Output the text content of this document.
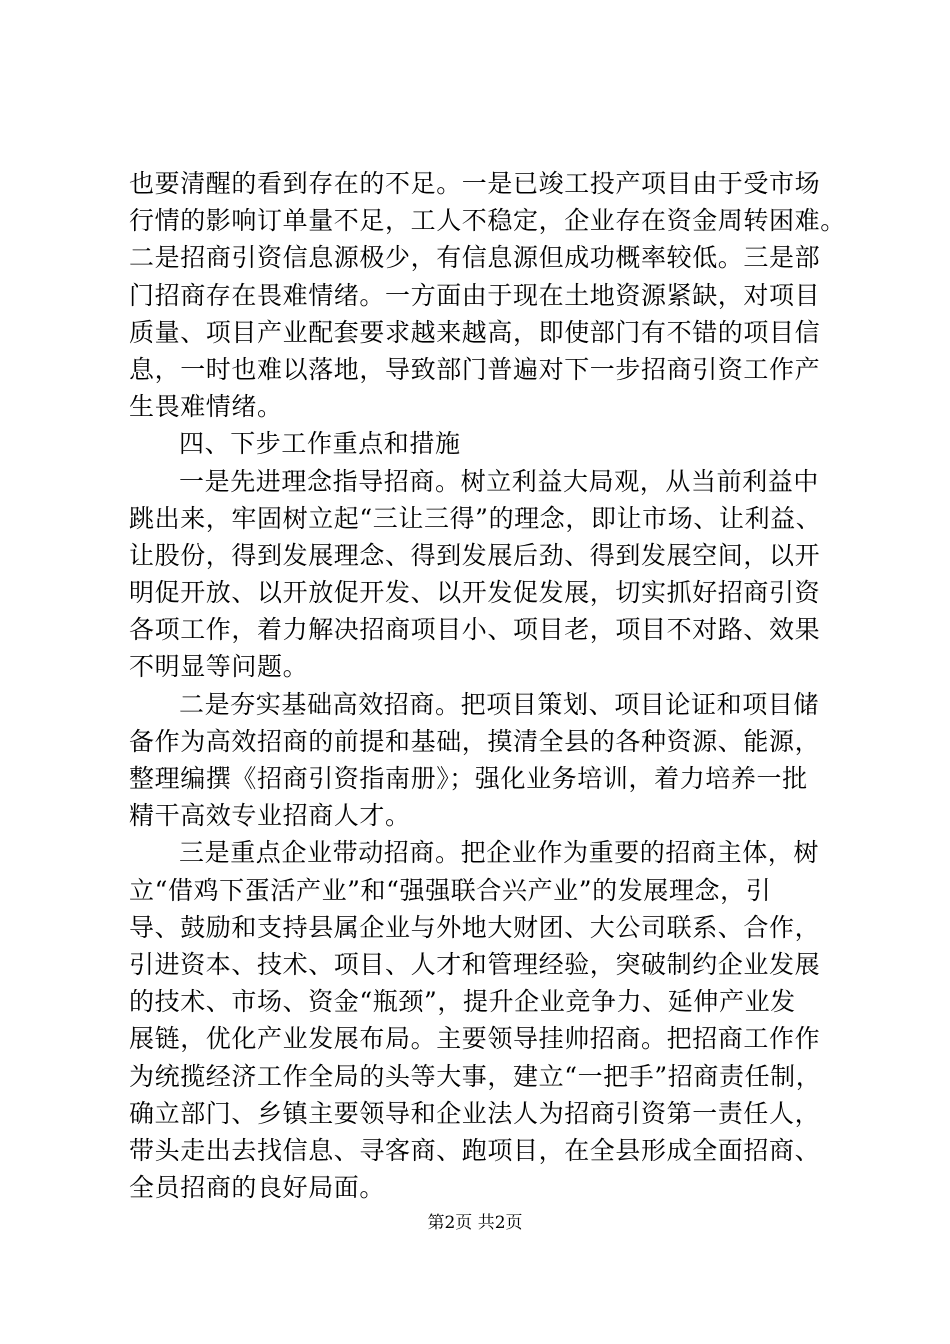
也要清醒的看到存在的不足。一是已竣工投产项目由于受市场
行情的影响订单量不足，工人不稳定，企业存在资金周转困难。
二是招商引资信息源极少，有信息源但成功概率较低。三是部
门招商存在畏难情绪。一方面由于现在土地资源紧缺，对项目
质量、项目产业配套要求越来越高，即使部门有不错的项目信
息，一时也难以落地，导致部门普遍对下一步招商引资工作产
生畏难情绪。
四、下步工作重点和措施
一是先进理念指导招商。树立利益大局观，从当前利益中
跳出来，牢固树立起“三让三得”的理念，即让市场、让利益、
让股份，得到发展理念、得到发展后劲、得到发展空间，以开
明促开放、以开放促开发、以开发促发展，切实抓好招商引资
各项工作，着力解决招商项目小、项目老，项目不对路、效果
不明显等问题。
二是夯实基础高效招商。把项目策划、项目论证和项目储
备作为高效招商的前提和基础，摸清全县的各种资源、能源，
整理编撰《招商引资指南册》；强化业务培训，着力培养一批
精干高效专业招商人才。
三是重点企业带动招商。把企业作为重要的招商主体，树
立“借鸡下蛋活产业”和“强强联合兴产业”的发展理念，引
导、鼓励和支持县属企业与外地大财团、大公司联系、合作，
引进资本、技术、项目、人才和管理经验，突破制约企业发展
的技术、市场、资金“瓶颈”，提升企业竞争力、延伸产业发
展链，优化产业发展布局。主要领导挂帅招商。把招商工作作
为统揽经济工作全局的头等大事，建立“一把手”招商责任制，
确立部门、乡镇主要领导和企业法人为招商引资第一责任人，
带头走出去找信息、寻客商、跑项目，在全县形成全面招商、
全员招商的良好局面。
第2页 共2页
